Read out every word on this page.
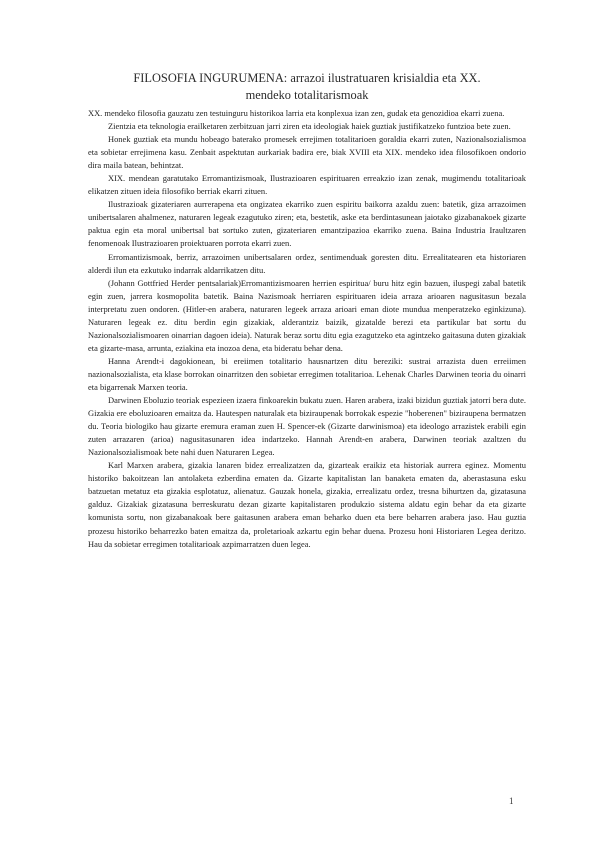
FILOSOFIA INGURUMENA: arrazoi ilustratuaren krisialdia eta XX. mendeko totalitarismoak

XX. mendeko filosofia gauzatu zen testuinguru historikoa larria eta konplexua izan zen, gudak eta genozidioa ekarri zuena.

Zientzia eta teknologia erailketaren zerbitzuan jarri ziren eta ideologiak haiek guztiak justifikatzeko funtzioa bete zuen.

Honek guztiak eta mundu hobeago baterako promesek errejimen totalitarioen goraldia ekarri zuten, Nazionalsozialismoa eta sobietar errejimena kasu. Zenbait aspektutan aurkariak badira ere, biak XVIII eta XIX. mendeko idea filosofikoen ondorio dira maila batean, behintzat.

XIX. mendean garatutako Erromantizismoak, Ilustrazioaren espirituaren erreakzio izan zenak, mugimendu totalitarioak elikatzen zituen ideia filosofiko berriak ekarri zituen.

Ilustrazioak gizateriaren aurrerapena eta ongizatea ekarriko zuen espiritu baikorra azaldu zuen: batetik, giza arrazoimen unibertsalaren ahalmenez, naturaren legeak ezagutuko ziren; eta, bestetik, aske eta berdintasunean jaiotako gizabanakoek gizarte paktua egin eta moral unibertsal bat sortuko zuten, gizateriaren emantzipazioa ekarriko zuena. Baina Industria Iraultzaren fenomenoak Ilustrazioaren proiektuaren porrota ekarri zuen.

Erromantizismoak, berriz, arrazoimen unibertsalaren ordez, sentimenduak goresten ditu. Errealitatearen eta historiaren alderdi ilun eta ezkutuko indarrak aldarrikatzen ditu.

(Johann Gottfried Herder pentsalariak)Erromantizismoaren herrien espiritua/ buru hitz egin bazuen, iluspegi zabal batetik egin zuen, jarrera kosmopolita batetik. Baina Nazismoak herriaren espirituaren ideia arraza arioaren nagusitasun bezala interpretatu zuen ondoren. (Hitler-en arabera, naturaren legeek arraza arioari eman diote mundua menperatzeko eginkizuna). Naturaren legeak ez. ditu berdin egin gizakiak, alderantziz baizik, gizatalde berezi eta partikular bat sortu du Nazionalsozialismoaren oinarrian dagoen ideia). Naturak beraz sortu ditu egia ezagutzeko eta agintzeko gaitasuna duten gizakiak eta gizarte-masa, arrunta, eziakina eta inozoa dena, eta bideratu behar dena.

Hanna Arendt-i dagokionean, bi ereiimen totalitario hausnartzen ditu bereziki: sustrai arrazista duen erreiimen nazionalsozialista, eta klase borrokan oinarritzen den sobietar erregimen totalitarioa. Lehenak Charles Darwinen teoria du oinarri eta bigarrenak Marxen teoria.

Darwinen Eboluzio teoriak espezieen izaera finkoarekin bukatu zuen. Haren arabera, izaki bizidun guztiak jatorri bera dute. Gizakia ere eboluzioaren emaitza da. Hautespen naturalak eta biziraupenak borrokak espezie "hoberenen" biziraupena bermatzen du. Teoria biologiko hau gizarte eremura eraman zuen H. Spencer-ek (Gizarte darwinismoa) eta ideologo arrazistek erabili egin zuten arrazaren (arioa) nagusitasunaren idea indartzeko. Hannah Arendt-en arabera, Darwinen teoriak azaltzen du Nazionalsozialismoak bete nahi duen Naturaren Legea.

Karl Marxen arabera, gizakia lanaren bidez errealizatzen da, gizarteak eraikiz eta historiak aurrera eginez. Momentu historiko bakoitzean lan antolaketa ezberdina ematen da. Gizarte kapitalistan lan banaketa ematen da, aberastasuna esku batzuetan metatuz eta gizakia esplotatuz, alienatuz. Gauzak honela, gizakia, errealizatu ordez, tresna bihurtzen da, gizatasuna galduz. Gizakiak gizatasuna berreskuratu dezan gizarte kapitalistaren produkzio sistema aldatu egin behar da eta gizarte komunista sortu, non gizabanakoak bere gaitasunen arabera eman beharko duen eta bere beharren arabera jaso. Hau guztia prozesu historiko beharrezko baten emaitza da, proletarioak azkartu egin behar duena. Prozesu honi Historiaren Legea deritzo. Hau da sobietar erregimen totalitarioak azpimarratzen duen legea.

1
